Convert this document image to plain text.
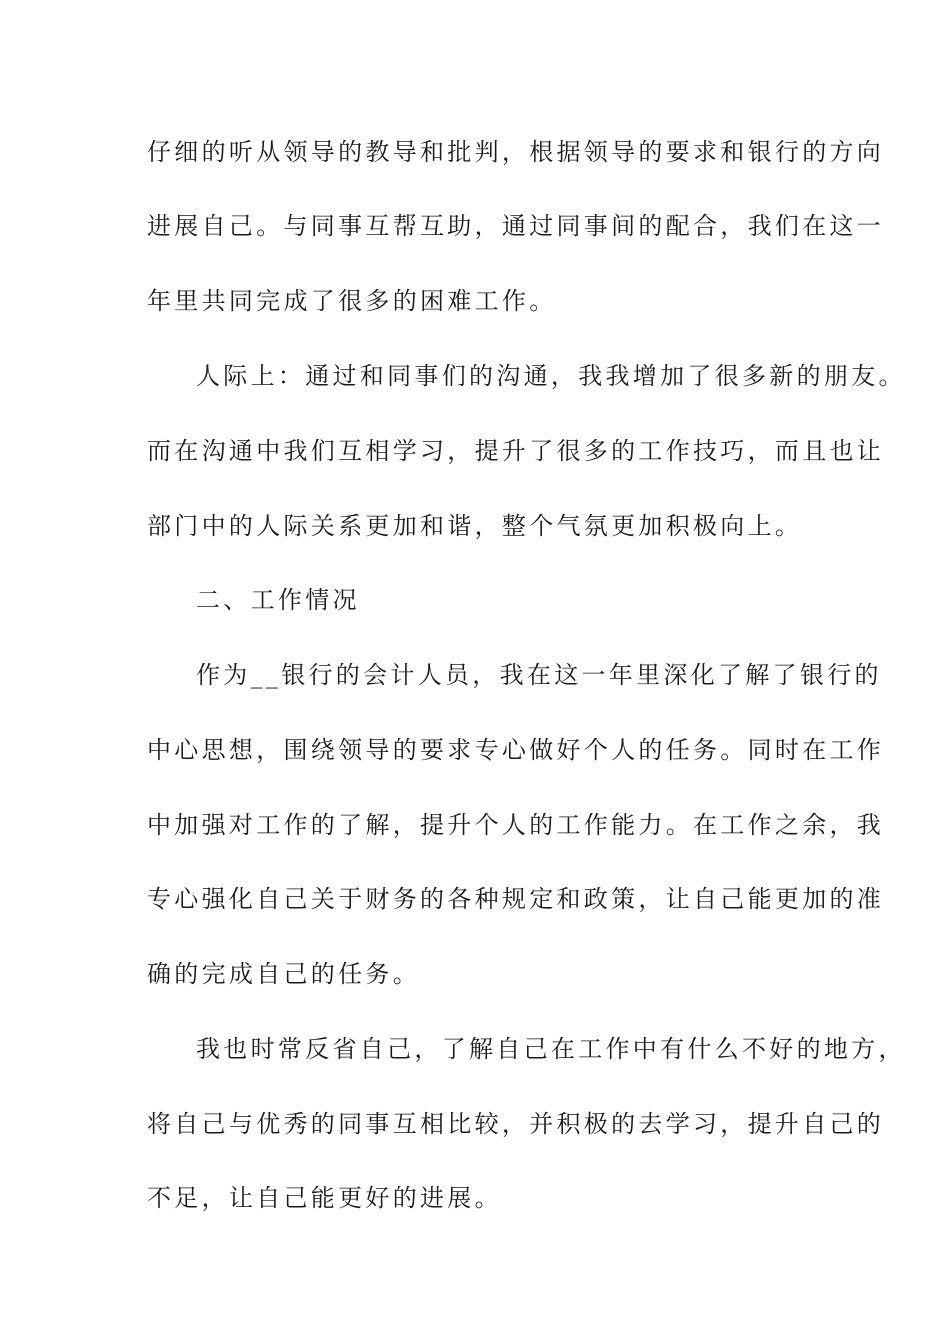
仔细的听从领导的教导和批判，根据领导的要求和银行的方向
进展自己。与同事互帮互助，通过同事间的配合，我们在这一
年里共同完成了很多的困难工作。
人际上：通过和同事们的沟通，我我增加了很多新的朋友。
而在沟通中我们互相学习，提升了很多的工作技巧，而且也让
部门中的人际关系更加和谐，整个气氛更加积极向上。
二、工作情况
作为__银行的会计人员，我在这一年里深化了解了银行的
中心思想，围绕领导的要求专心做好个人的任务。同时在工作
中加强对工作的了解，提升个人的工作能力。在工作之余，我
专心强化自己关于财务的各种规定和政策，让自己能更加的准
确的完成自己的任务。
我也时常反省自己，了解自己在工作中有什么不好的地方，
将自己与优秀的同事互相比较，并积极的去学习，提升自己的
不足，让自己能更好的进展。
